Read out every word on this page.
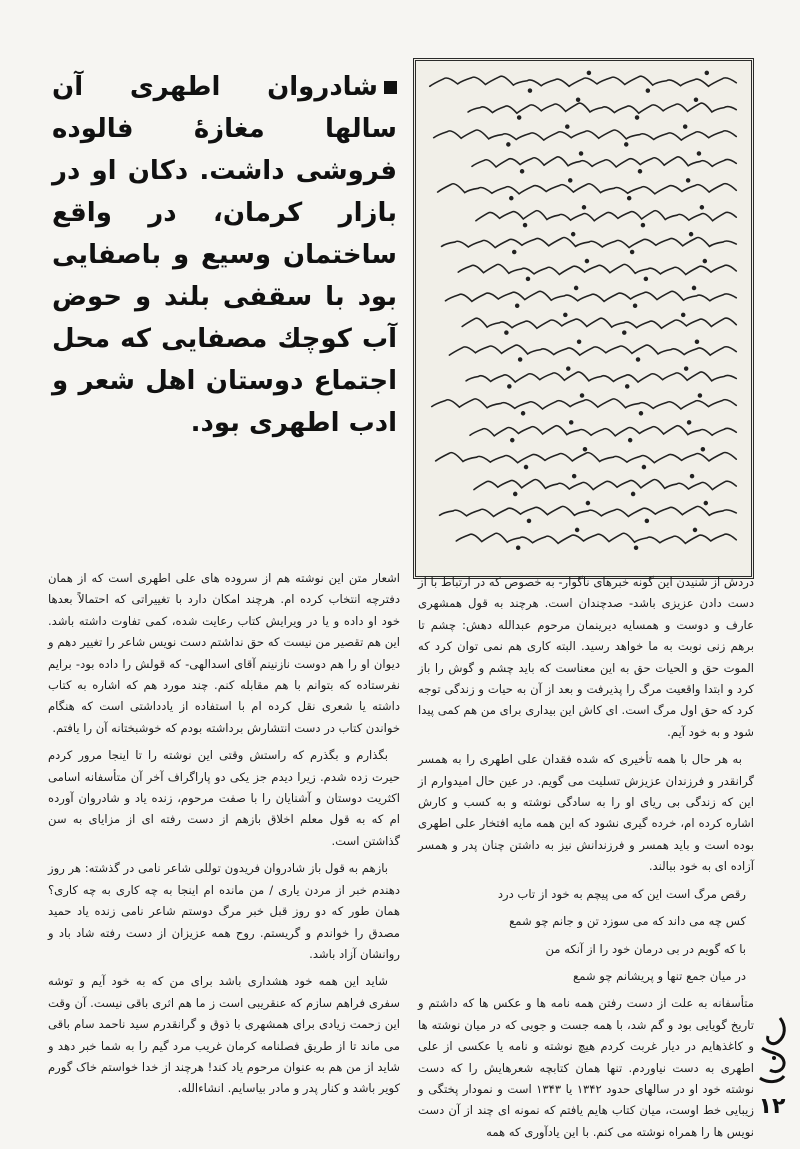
شادروان اطهری آن سالها مغازهٔ فالوده فروشی داشت. دکان او در بازار کرمان، در واقع ساختمان وسیع و باصفایی بود با سقفی بلند و حوض آب کوچك مصفایی که محل اجتماع دوستان اهل شعر و ادب اطهری بود.

دردش از شنیدن این گونه خبرهای ناگوار- به خصوص که در ارتباط با از دست دادن عزیزی باشد- صدچندان است. هرچند به قول همشهری عارف و دوست و همسایه دیرینمان مرحوم عبدالله دهش: چشم تا برهم زنی نوبت به ما خواهد رسید. البته کاری هم نمی توان کرد که الموت حق و الحیات حق به این معناست که باید چشم و گوش را باز کرد و ابتدا واقعیت مرگ را پذیرفت و بعد از آن به حیات و زندگی توجه کرد که حق اول مرگ است. ای کاش این بیداری برای من هم کمی پیدا شود و به خود آیم.

به هر حال با همه تأخیری که شده فقدان علی اطهری را به همسر گرانقدر و فرزندان عزیزش تسلیت می گویم. در عین حال امیدوارم از این که زندگی بی ریای او را به سادگی نوشته و به کسب و کارش اشاره کرده ام، خرده گیری نشود که این همه مایه افتخار علی اطهری بوده است و باید همسر و فرزندانش نیز به داشتن چنان پدر و همسر آزاده ای به خود ببالند.

رقص مرگ است این که می پیچم به خود از تاب درد

کس چه می داند که می سوزد تن و جانم چو شمع

با که گویم در بی درمان خود را از آنکه من

در میان جمع تنها و پریشانم چو شمع

متأسفانه به علت از دست رفتن همه نامه ها و عکس ها که داشتم و تاریخ گویایی بود و گم شد، با همه جست و جویی که در میان نوشته ها و کاغذهایم در دیار غربت کردم هیچ نوشته و نامه یا عکسی از علی اطهری به دست نیاوردم. تنها همان کتابچه شعرهایش را که دست نوشته خود او در سالهای حدود ۱۳۴۲ یا ۱۳۴۳ است و نمودار پختگی و زیبایی خط اوست، میان کتاب هایم یافتم که نمونه ای چند از آن دست نویس ها را همراه نوشته می کنم. با این یادآوری که همه

اشعار متن این نوشته هم از سروده های علی اطهری است که از همان دفترچه انتخاب کرده ام. هرچند امکان دارد با تغییراتی که احتمالاً بعدها خود او داده و یا در ویرایش کتاب رعایت شده، کمی تفاوت داشته باشد. این هم تقصیر من نیست که حق نداشتم دست نویس شاعر را تغییر دهم و دیوان او را هم دوست نازنینم آقای اسدالهی- که قولش را داده بود- برایم نفرستاده که بتوانم با هم مقابله کنم. چند مورد هم که اشاره به کتاب داشته یا شعری نقل کرده ام با استفاده از یادداشتی است که هنگام خواندن کتاب در دست انتشارش برداشته بودم که خوشبختانه آن را یافتم.

بگذارم و بگذرم که راستش وقتی این نوشته را تا اینجا مرور کردم حیرت زده شدم. زیرا دیدم جز یکی دو پاراگراف آخر آن متأسفانه اسامی اکثریت دوستان و آشنایان را با صفت مرحوم، زنده یاد و شادروان آورده ام که به قول معلم اخلاق بازهم از دست رفته ای از مزایای به سن گذاشتن است.

بازهم به قول باز شادروان فریدون توللی شاعر نامی در گذشته: هر روز دهندم خبر از مردن یاری / من مانده ام اینجا به چه کاری به چه کاری؟ همان طور که دو روز قبل خبر مرگ دوستم شاعر نامی زنده یاد حمید مصدق را خواندم و گریستم. روح همه عزیزان از دست رفته شاد باد و روانشان آزاد باشد.

شاید این همه خود هشداری باشد برای من که به خود آیم و توشه سفری فراهم سازم که عنقریبی است ز ما هم اثری باقی نیست. آن وقت این زحمت زیادی برای همشهری با ذوق و گرانقدرم سید ناحمد سام باقی می ماند تا از طریق فصلنامه کرمان غریب مرد گیم را به شما خبر دهد و شاید از من هم به عنوان مرحوم یاد کند! هرچند از خدا خواستم خاک گورم کویر باشد و کنار پدر و مادر بیاسایم. انشاءالله.

۱۲
